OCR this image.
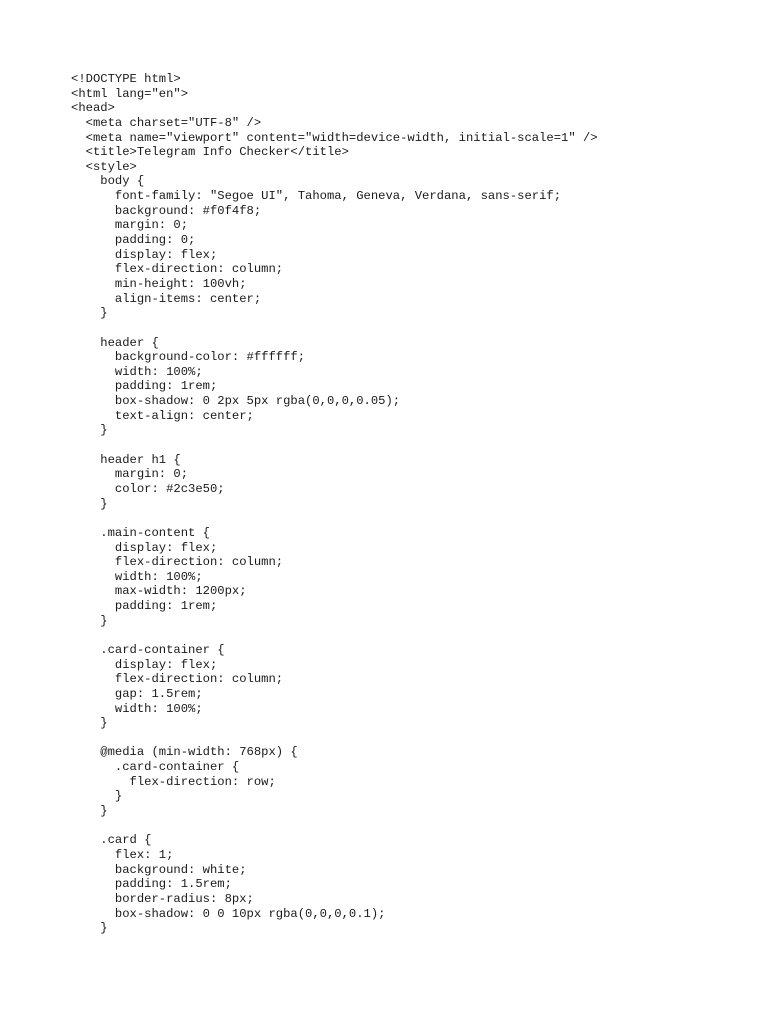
<!DOCTYPE html>
<html lang="en">
<head>
<meta charset="UTF-8" />
<meta name="viewport" content="width=device-width, initial-scale=1" />
<title>Telegram Info Checker</title>
<style>
body {
font-family: "Segoe UI", Tahoma, Geneva, Verdana, sans-serif;
background: #f0f4f8;
margin: 0;
padding: 0;
display: flex;
flex-direction: column;
min-height: 100vh;
align-items: center;
}
header {
background-color: #ffffff;
width: 100%;
padding: 1rem;
box-shadow: 0 2px 5px rgba(0,0,0,0.05);
text-align: center;
}
header h1 {
margin: 0;
color: #2c3e50;
}
.main-content {
display: flex;
flex-direction: column;
width: 100%;
max-width: 1200px;
padding: 1rem;
}
.card-container {
display: flex;
flex-direction: column;
gap: 1.5rem;
width: 100%;
}
@media (min-width: 768px) {
.card-container {
flex-direction: row;
}
}
.card {
flex: 1;
background: white;
padding: 1.5rem;
border-radius: 8px;
box-shadow: 0 0 10px rgba(0,0,0,0.1);
}
